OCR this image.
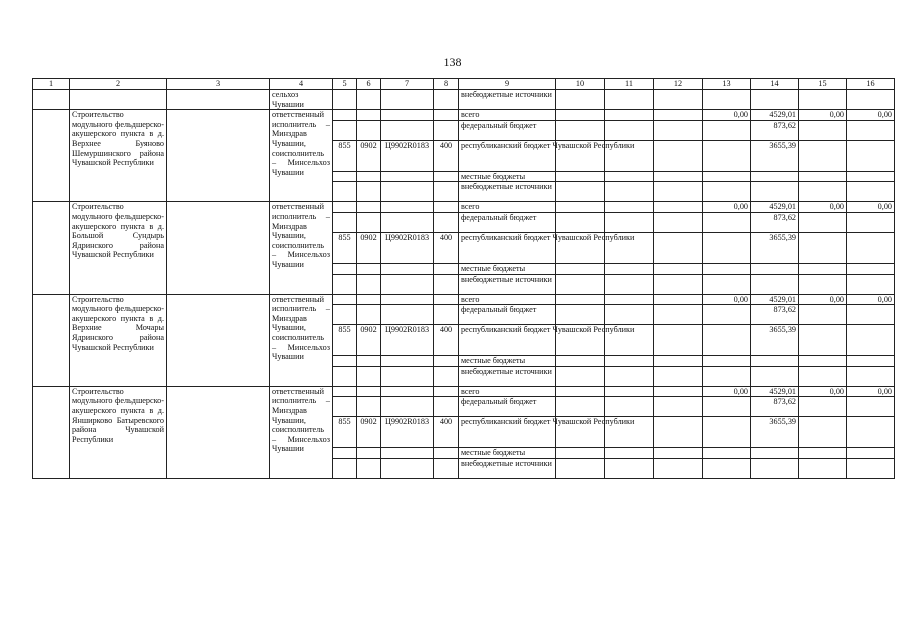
138
1	2	3	4	5	6	7	8	9	10	11	12	13	14	15	16
			сельхоз Чувашии					внебюджетные источники							
	Строительство модульного фельдшерско-акушерского пункта в д. Верхнее Буяново Шемуршинского района Чувашской Республики		ответственный исполнитель – Минздрав Чувашии, соисполнитель – Минсельхоз Чувашии					всего				0,00	4529,01	0,00	0,00
								федеральный бюджет					873,62		
				855	0902	Ц9902R0183	400	республиканский бюджет Чувашской Республики					3655,39		
								местные бюджеты							
								внебюджетные источники							
	Строительство модульного фельдшерско-акушерского пункта в д. Большой Сундырь Ядринского района Чувашской Республики		ответственный исполнитель – Минздрав Чувашии, соисполнитель – Минсельхоз Чувашии					всего				0,00	4529,01	0,00	0,00
								федеральный бюджет					873,62		
				855	0902	Ц9902R0183	400	республиканский бюджет Чувашской Республики					3655,39		
								местные бюджеты							
								внебюджетные источники							
	Строительство модульного фельдшерско-акушерского пункта в д. Верхние Мочары Ядринского района Чувашской Республики		ответственный исполнитель – Минздрав Чувашии, соисполнитель – Минсельхоз Чувашии					всего				0,00	4529,01	0,00	0,00
								федеральный бюджет					873,62		
				855	0902	Ц9902R0183	400	республиканский бюджет Чувашской Республики					3655,39		
								местные бюджеты							
								внебюджетные источники							
	Строительство модульного фельдшерско-акушерского пункта в д. Янширково Батыревского района Чувашской Республики		ответственный исполнитель – Минздрав Чувашии, соисполнитель – Минсельхоз Чувашии					всего				0,00	4529,01	0,00	0,00
								федеральный бюджет					873,62		
				855	0902	Ц9902R0183	400	республиканский бюджет Чувашской Республики					3655,39		
								местные бюджеты							
								внебюджетные источники							
